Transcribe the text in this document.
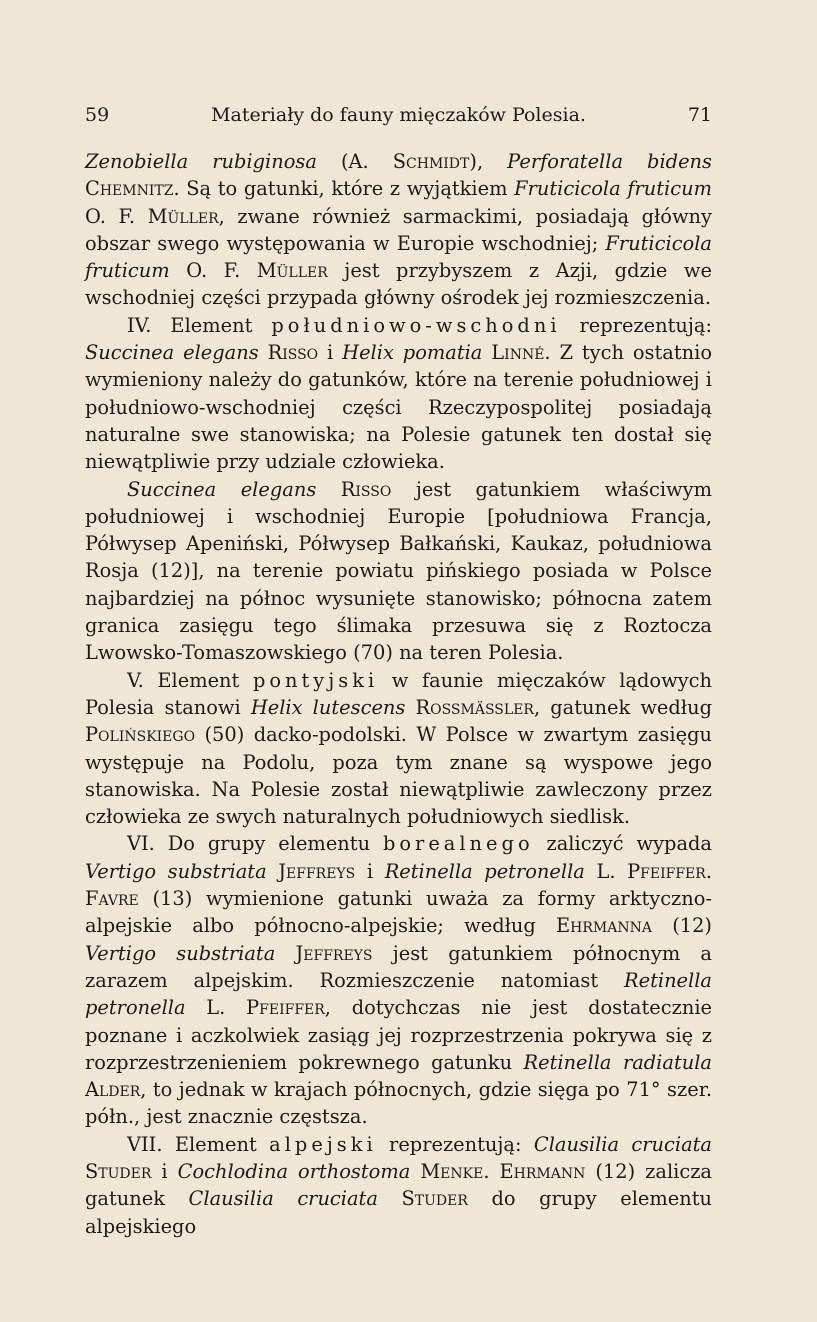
59	Materiały do fauny mięczaków Polesia.	71

Zenobiella rubiginosa (A. Schmidt), Perforatella bidens Chemnitz. Są to gatunki, które z wyjątkiem Fruticicola fruticum O. F. Müller, zwane również sarmackimi, posiadają główny obszar swego występowania w Europie wschodniej; Fruticicola fruticum O. F. Müller jest przybyszem z Azji, gdzie we wschodniej części przypada główny ośrodek jej rozmieszczenia.

IV. Element południowo-wschodni reprezentują: Succinea elegans Risso i Helix pomatia Linné. Z tych ostatnio wymieniony należy do gatunków, które na terenie południowej i południowo-wschodniej części Rzeczypospolitej posiadają naturalne swe stanowiska; na Polesie gatunek ten dostał się niewątpliwie przy udziale człowieka.

Succinea elegans Risso jest gatunkiem właściwym południowej i wschodniej Europie [południowa Francja, Półwysep Apeniński, Półwysep Bałkański, Kaukaz, południowa Rosja (12)], na terenie powiatu pińskiego posiada w Polsce najbardziej na północ wysunięte stanowisko; północna zatem granica zasięgu tego ślimaka przesuwa się z Roztocza Lwowsko-Tomaszowskiego (70) na teren Polesia.

V. Element pontyjski w faunie mięczaków lądowych Polesia stanowi Helix lutescens Rossmässler, gatunek według Polińskiego (50) dacko-podolski. W Polsce w zwartym zasięgu występuje na Podolu, poza tym znane są wyspowe jego stanowiska. Na Polesie został niewątpliwie zawleczony przez człowieka ze swych naturalnych południowych siedlisk.

VI. Do grupy elementu borealnego zaliczyć wypada Vertigo substriata Jeffreys i Retinella petronella L. Pfeiffer. Favre (13) wymienione gatunki uważa za formy arktyczno-alpejskie albo północno-alpejskie; według Ehrmanna (12) Vertigo substriata Jeffreys jest gatunkiem północnym a zarazem alpejskim. Rozmieszczenie natomiast Retinella petronella L. Pfeiffer, dotychczas nie jest dostatecznie poznane i aczkolwiek zasiąg jej rozprzestrzenia pokrywa się z rozprzestrzenieniem pokrewnego gatunku Retinella radiatula Alder, to jednak w krajach północnych, gdzie sięga po 71° szer. półn., jest znacznie częstsza.

VII. Element alpejski reprezentują: Clausilia cruciata Studer i Cochlodina orthostoma Menke. Ehrmann (12) zalicza gatunek Clausilia cruciata Studer do grupy elementu alpejskiego
